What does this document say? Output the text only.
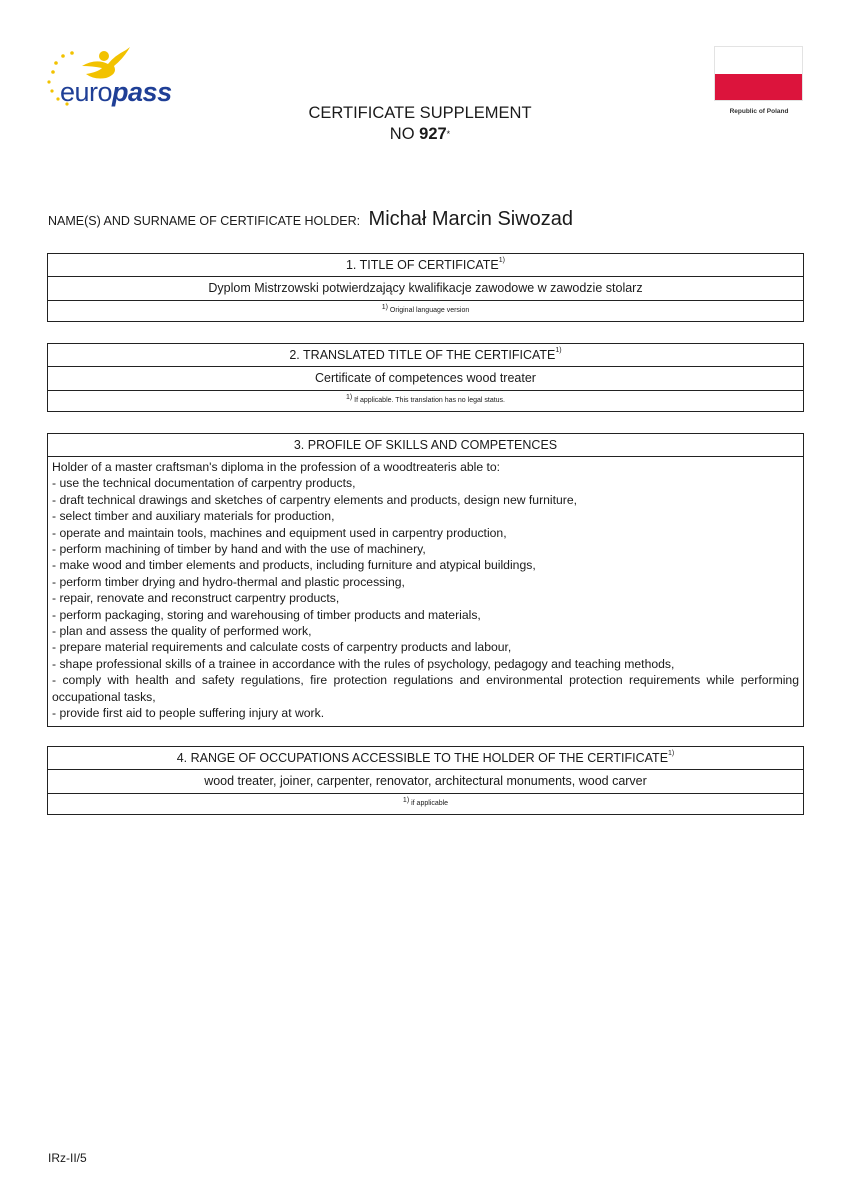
europass
Republic of Poland
CERTIFICATE SUPPLEMENT
NO 927*
NAME(S) AND SURNAME OF CERTIFICATE HOLDER: Michał Marcin Siwozad
1. TITLE OF CERTIFICATE$^{1)}$
Dyplom Mistrzowski potwierdzający kwalifikacje zawodowe w zawodzie stolarz
1) Original language version
2. TRANSLATED TITLE OF THE CERTIFICATE$^{1)}$
Certificate of competences wood treater
1) If applicable. This translation has no legal status.
3. PROFILE OF SKILLS AND COMPETENCES
Holder of a master craftsman's diploma in the profession of a woodtreateris able to:
- use the technical documentation of carpentry products,
- draft technical drawings and sketches of carpentry elements and products, design new furniture,
- select timber and auxiliary materials for production,
- operate and maintain tools, machines and equipment used in carpentry production,
- perform machining of timber by hand and with the use of machinery,
- make wood and timber elements and products, including furniture and atypical buildings,
- perform timber drying and hydro-thermal and plastic processing,
- repair, renovate and reconstruct carpentry products,
- perform packaging, storing and warehousing of timber products and materials,
- plan and assess the quality of performed work,
- prepare material requirements and calculate costs of carpentry products and labour,
- shape professional skills of a trainee in accordance with the rules of psychology, pedagogy and teaching methods,
- comply with health and safety regulations, fire protection regulations and environmental protection requirements while performing occupational tasks,
- provide first aid to people suffering injury at work.
4. RANGE OF OCCUPATIONS ACCESSIBLE TO THE HOLDER OF THE CERTIFICATE$^{1)}$
wood treater, joiner, carpenter, renovator, architectural monuments, wood carver
1) if applicable
IRz-II/5
